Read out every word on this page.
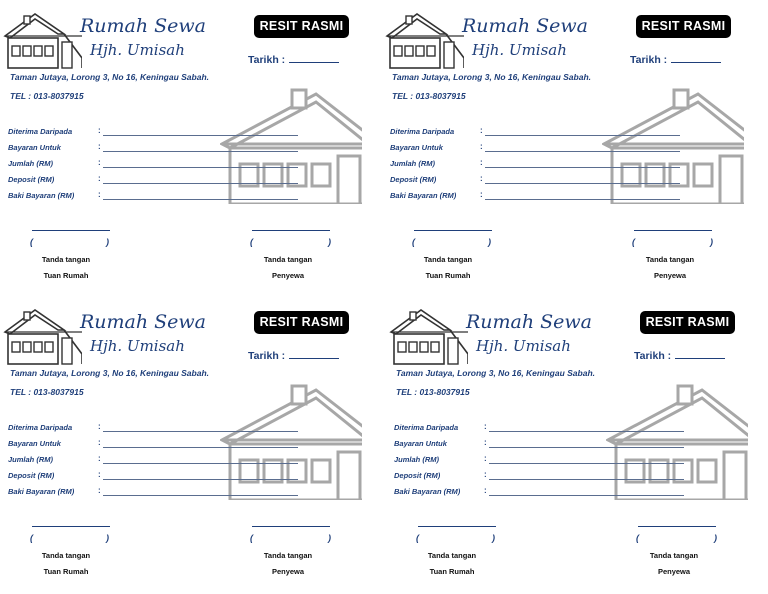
Rumah Sewa
Hjh. Umisah
RESIT RASMI
Tarikh :
Taman Jutaya, Lorong 3, No 16, Keningau Sabah.
TEL : 013-8037915
Diterima Daripada	:
Bayaran Untuk	:
Jumlah (RM)	:
Deposit (RM)	:
Baki Bayaran (RM)	:
(	)
Tanda tangan
Tuan Rumah
(	)
Tanda tangan
Penyewa
Rumah Sewa
Hjh. Umisah
RESIT RASMI
Tarikh :
Taman Jutaya, Lorong 3, No 16, Keningau Sabah.
TEL : 013-8037915
Diterima Daripada	:
Bayaran Untuk	:
Jumlah (RM)	:
Deposit (RM)	:
Baki Bayaran (RM)	:
(	)
Tanda tangan
Tuan Rumah
(	)
Tanda tangan
Penyewa
Rumah Sewa
Hjh. Umisah
RESIT RASMI
Tarikh :
Taman Jutaya, Lorong 3, No 16, Keningau Sabah.
TEL : 013-8037915
Diterima Daripada	:
Bayaran Untuk	:
Jumlah (RM)	:
Deposit (RM)	:
Baki Bayaran (RM)	:
(	)
Tanda tangan
Tuan Rumah
(	)
Tanda tangan
Penyewa
Rumah Sewa
Hjh. Umisah
RESIT RASMI
Tarikh :
Taman Jutaya, Lorong 3, No 16, Keningau Sabah.
TEL : 013-8037915
Diterima Daripada	:
Bayaran Untuk	:
Jumlah (RM)	:
Deposit (RM)	:
Baki Bayaran (RM)	:
(	)
Tanda tangan
Tuan Rumah
(	)
Tanda tangan
Penyewa
